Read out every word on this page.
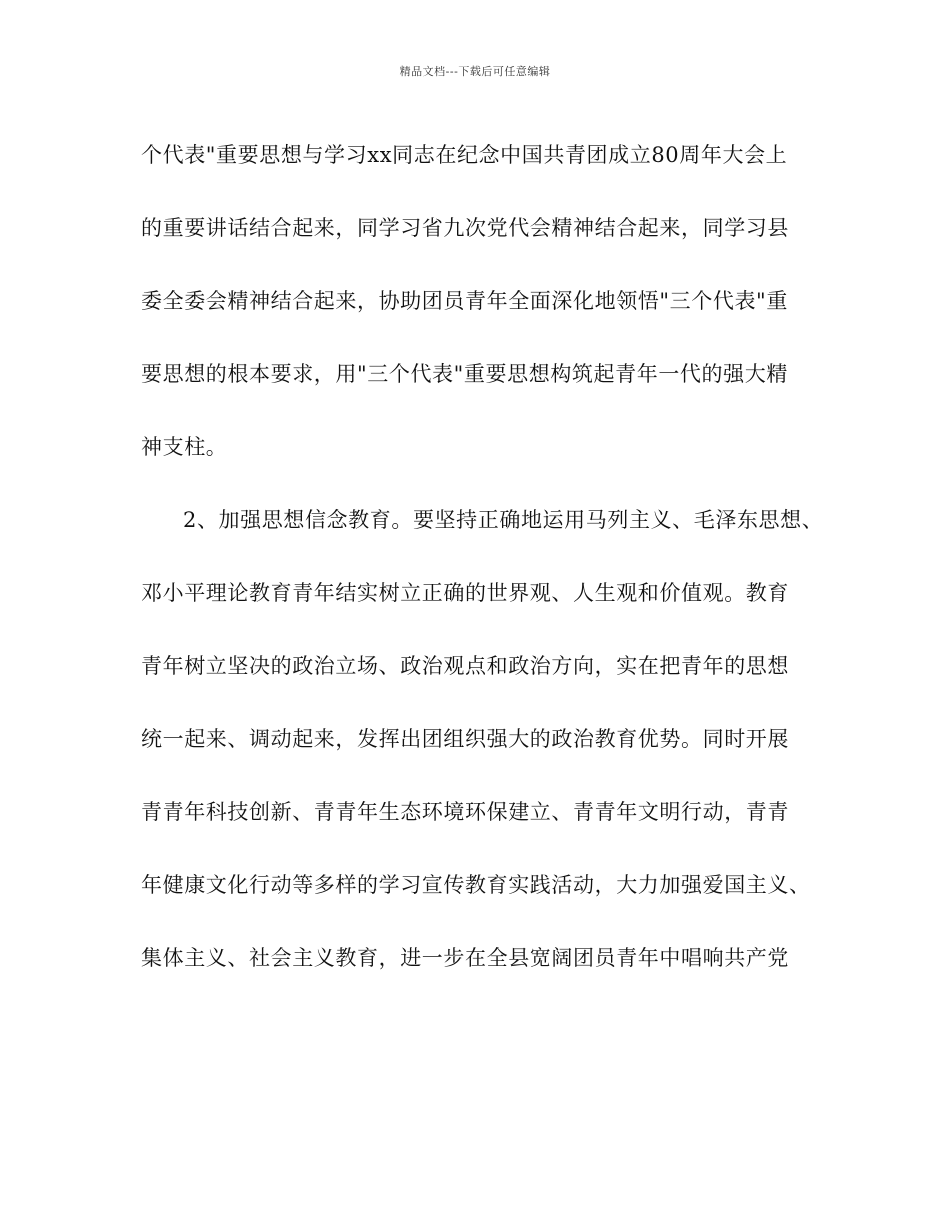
精品文档---下载后可任意编辑
个代表"重要思想与学习xx同志在纪念中国共青团成立80周年大会上
的重要讲话结合起来，同学习省九次党代会精神结合起来，同学习县
委全委会精神结合起来，协助团员青年全面深化地领悟"三个代表"重
要思想的根本要求，用"三个代表"重要思想构筑起青年一代的强大精
神支柱。
2、加强思想信念教育。要坚持正确地运用马列主义、毛泽东思想、
邓小平理论教育青年结实树立正确的世界观、人生观和价值观。教育
青年树立坚决的政治立场、政治观点和政治方向，实在把青年的思想
统一起来、调动起来，发挥出团组织强大的政治教育优势。同时开展
青青年科技创新、青青年生态环境环保建立、青青年文明行动，青青
年健康文化行动等多样的学习宣传教育实践活动，大力加强爱国主义、
集体主义、社会主义教育，进一步在全县宽阔团员青年中唱响共产党
